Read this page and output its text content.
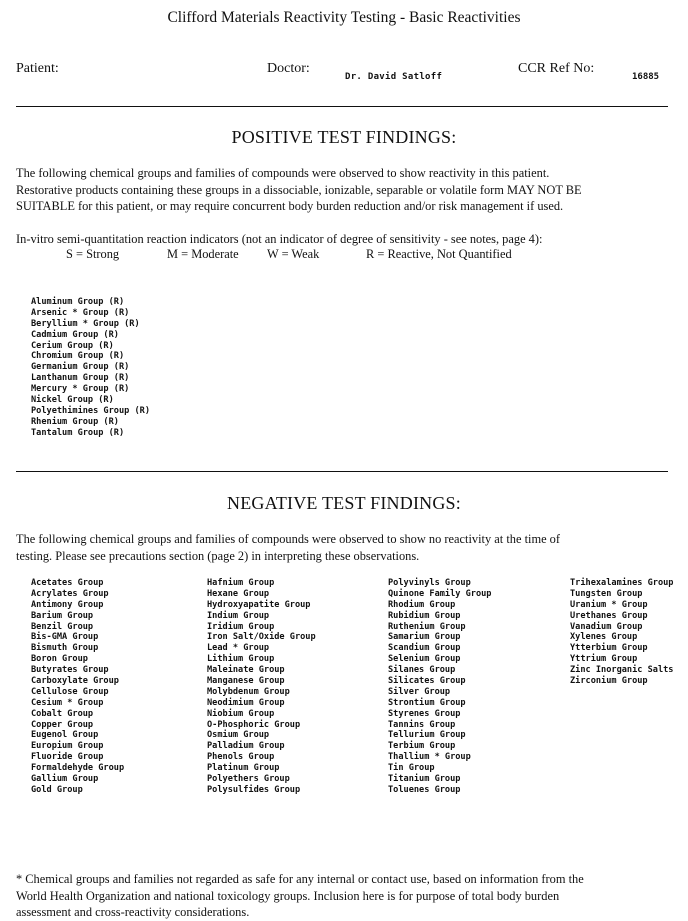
Clifford Materials Reactivity Testing - Basic Reactivities
Patient:	Doctor:
Dr. David Satloff
CCR Ref No:
16885
POSITIVE TEST FINDINGS:
The following chemical groups and families of compounds were observed to show reactivity in this patient.
Restorative products containing these groups in a dissociable, ionizable, separable or volatile form MAY NOT BE
SUITABLE for this patient, or may require concurrent body burden reduction and/or risk management if used.
In-vitro semi-quantitation reaction indicators (not an indicator of degree of sensitivity - see notes, page 4):
S = Strong	M = Moderate W = Weak	R = Reactive, Not Quantified
Aluminum Group (R)
Arsenic * Group (R)
Beryllium * Group (R)
Cadmium Group (R)
Cerium Group (R)
Chromium Group (R)
Germanium Group (R)
Lanthanum Group (R)
Mercury * Group (R)
Nickel Group (R)
Polyethimines Group (R)
Rhenium Group (R)
Tantalum Group (R)
NEGATIVE TEST FINDINGS:
The following chemical groups and families of compounds were observed to show no reactivity at the time of
testing. Please see precautions section (page 2) in interpreting these observations.
Acetates Group
Acrylates Group
Antimony Group
Barium Group
Benzil Group
Bis-GMA Group
Bismuth Group
Boron Group
Butyrates Group
Carboxylate Group
Cellulose Group
Cesium * Group
Cobalt Group
Copper Group
Eugenol Group
Europium Group
Fluoride Group
Formaldehyde Group
Gallium Group
Gold Group
Hafnium Group
Hexane Group
Hydroxyapatite Group
Indium Group
Iridium Group
Iron Salt/Oxide Group
Lead * Group
Lithium Group
Maleinate Group
Manganese Group
Molybdenum Group
Neodimium Group
Niobium Group
O-Phosphoric Group
Osmium Group
Palladium Group
Phenols Group
Platinum Group
Polyethers Group
Polysulfides Group
Polyvinyls Group
Quinone Family Group
Rhodium Group
Rubidium Group
Ruthenium Group
Samarium Group
Scandium Group
Selenium Group
Silanes Group
Silicates Group
Silver Group
Strontium Group
Styrenes Group
Tannins Group
Tellurium Group
Terbium Group
Thallium * Group
Tin Group
Titanium Group
Toluenes Group
Trihexalamines Group
Tungsten Group
Uranium * Group
Urethanes Group
Vanadium Group
Xylenes Group
Ytterbium Group
Yttrium Group
Zinc Inorganic Salts
Zirconium Group
* Chemical groups and families not regarded as safe for any internal or contact use, based on information from the
World Health Organization and national toxicology groups. Inclusion here is for purpose of total body burden
assessment and cross-reactivity considerations.
